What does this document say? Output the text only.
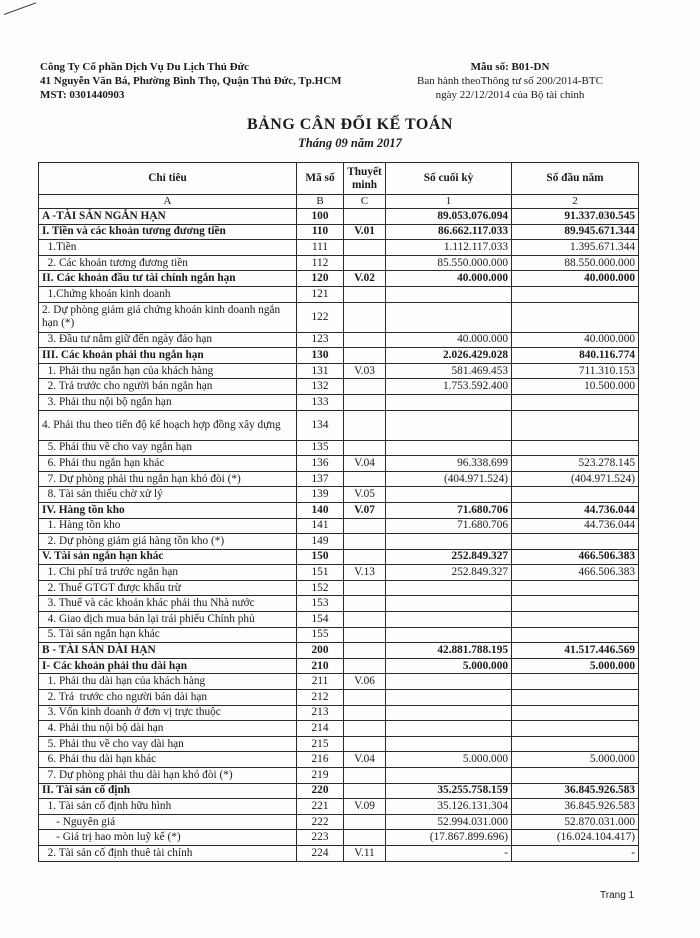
Công Ty Cổ phần Dịch Vụ Du Lịch Thủ Đức
41 Nguyễn Văn Bá, Phường Bình Thọ, Quận Thủ Đức, Tp.HCM
MST: 0301440903
Mẫu số: B01-DN
Ban hành theoThông tư số 200/2014-BTC
ngày 22/12/2014 của Bộ tài chính
BẢNG CÂN ĐỐI KẾ TOÁN
Tháng 09 năm 2017
Chỉ tiêu	Mã số	Thuyết minh	Số cuối kỳ	Số đầu năm
A	B	C	1	2
A -TÀI SẢN NGẮN HẠN	100		89.053.076.094	91.337.030.545
I. Tiền và các khoản tương đương tiền	110	V.01	86.662.117.033	89.945.671.344
1.Tiền	111		1.112.117.033	1.395.671.344
2. Các khoản tương đương tiền	112		85.550.000.000	88.550.000.000
II. Các khoản đầu tư tài chính ngắn hạn	120	V.02	40.000.000	40.000.000
1.Chứng khoán kinh doanh	121			
2. Dự phòng giảm giá chứng khoán kinh doanh ngắn hạn (*)	122			
3. Đầu tư nắm giữ đến ngày đáo hạn	123		40.000.000	40.000.000
III. Các khoản phải thu ngắn hạn	130		2.026.429.028	840.116.774
1. Phải thu ngắn hạn của khách hàng	131	V.03	581.469.453	711.310.153
2. Trả trước cho người bán ngắn hạn	132		1.753.592.400	10.500.000
3. Phải thu nội bộ ngắn hạn	133			
4. Phải thu theo tiến độ kế hoạch hợp đồng xây dựng	134			
5. Phải thu về cho vay ngắn hạn	135			
6. Phải thu ngắn hạn khác	136	V.04	96.338.699	523.278.145
7. Dự phòng phải thu ngắn hạn khó đòi (*)	137		(404.971.524)	(404.971.524)
8. Tài sản thiếu chờ xử lý	139	V.05		
IV. Hàng tồn kho	140	V.07	71.680.706	44.736.044
1. Hàng tồn kho	141		71.680.706	44.736.044
2. Dự phòng giảm giá hàng tồn kho (*)	149			
V. Tài sản ngắn hạn khác	150		252.849.327	466.506.383
1. Chi phí trả trước ngắn hạn	151	V.13	252.849.327	466.506.383
2. Thuế GTGT được khấu trừ	152			
3. Thuế và các khoản khác phải thu Nhà nước	153			
4. Giao dịch mua bán lại trái phiếu Chính phủ	154			
5. Tài sản ngắn hạn khác	155			
B - TÀI SẢN DÀI HẠN	200		42.881.788.195	41.517.446.569
I- Các khoản phải thu dài hạn	210		5.000.000	5.000.000
1. Phải thu dài hạn của khách hàng	211	V.06		
2. Trả  trước cho người bán dài hạn	212			
3. Vốn kinh doanh ở đơn vị trực thuộc	213			
4. Phải thu nội bộ dài hạn	214			
5. Phải thu về cho vay dài hạn	215			
6. Phải thu dài hạn khác	216	V.04	5.000.000	5.000.000
7. Dự phòng phải thu dài hạn khó đòi (*)	219			
II. Tài sản cố định	220		35.255.758.159	36.845.926.583
1. Tài sản cố định hữu hình	221	V.09	35.126.131.304	36.845.926.583
- Nguyên giá	222		52.994.031.000	52.870.031.000
- Giá trị hao mòn luỹ kế (*)	223		(17.867.899.696)	(16.024.104.417)
2. Tài sản cố định thuê tài chính	224	V.11	-	-
Trang 1
